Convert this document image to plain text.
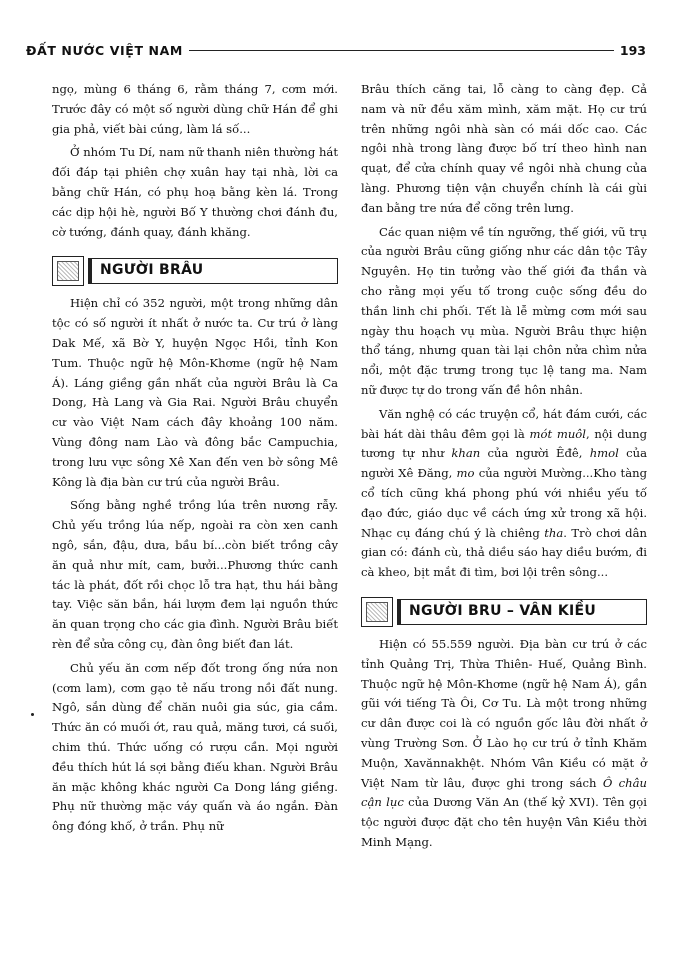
ĐẤT NƯỚC VIỆT NAM	193

ngọ, mùng 6 tháng 6, rằm tháng 7, cơm mới. Trước đây có một số người dùng chữ Hán để ghi gia phả, viết bài cúng, làm lá số...

Ở nhóm Tu Dí, nam nữ thanh niên thường hát đối đáp tại phiên chợ xuân hay tại nhà, lời ca bằng chữ Hán, có phụ hoạ bằng kèn lá. Trong các dịp hội hè, người Bố Y thường chơi đánh đu, cờ tướng, đánh quay, đánh khăng.

NGƯỜI BRÂU

Hiện chỉ có 352 người, một trong những dân tộc có số người ít nhất ở nước ta. Cư trú ở làng Dak Mế, xã Bờ Y, huyện Ngọc Hồi, tỉnh Kon Tum. Thuộc ngữ hệ Môn-Khơme (ngữ hệ Nam Á). Láng giềng gần nhất của người Brâu là Ca Dong, Hà Lang và Gia Rai. Người Brâu chuyển cư vào Việt Nam cách đây khoảng 100 năm. Vùng đông nam Lào và đông bắc Campuchia, trong lưu vực sông Xê Xan đến ven bờ sông Mê Kông là địa bàn cư trú của người Brâu.

Sống bằng nghề trồng lúa trên nương rẫy. Chủ yếu trồng lúa nếp, ngoài ra còn xen canh ngô, sắn, đậu, dưa, bầu bí...còn biết trồng cây ăn quả như mít, cam, bưởi...Phương thức canh tác là phát, đốt rồi chọc lỗ tra hạt, thu hái bằng tay. Việc săn bắn, hái lượm đem lại nguồn thức ăn quan trọng cho các gia đình. Người Brâu biết rèn để sửa công cụ, đàn ông biết đan lát.

Chủ yếu ăn cơm nếp đốt trong ống nứa non (cơm lam), cơm gạo tẻ nấu trong nồi đất nung. Ngô, sắn dùng để chăn nuôi gia súc, gia cầm. Thức ăn có muối ớt, rau quả, măng tươi, cá suối, chim thú. Thức uống có rượu cần. Mọi người đều thích hút lá sợi bằng điếu khan. Người Brâu ăn mặc không khác người Ca Dong láng giềng. Phụ nữ thường mặc váy quấn và áo ngắn. Đàn ông đóng khố, ở trần. Phụ nữ

Brâu thích căng tai, lỗ càng to càng đẹp. Cả nam và nữ đều xăm mình, xăm mặt. Họ cư trú trên những ngôi nhà sàn có mái dốc cao. Các ngôi nhà trong làng được bố trí theo hình nan quạt, để cửa chính quay về ngôi nhà chung của làng. Phương tiện vận chuyển chính là cái gùi đan bằng tre nứa để cõng trên lưng.

Các quan niệm về tín ngưỡng, thế giới, vũ trụ của người Brâu cũng giống như các dân tộc Tây Nguyên. Họ tin tưởng vào thế giới đa thần và cho rằng mọi yếu tố trong cuộc sống đều do thần linh chi phối. Tết là lễ mừng cơm mới sau ngày thu hoạch vụ mùa. Người Brâu thực hiện thổ táng, nhưng quan tài lại chôn nửa chìm nửa nổi, một đặc trưng trong tục lệ tang ma. Nam nữ được tự do trong vấn đề hôn nhân.

Văn nghệ có các truyện cổ, hát đám cưới, các bài hát dài thâu đêm gọi là mót muôl, nội dung tương tự như khan của người Êđê, hmol của người Xê Đăng, mo của người Mường...Kho tàng cổ tích cũng khá phong phú với nhiều yếu tố đạo đức, giáo dục về cách ứng xử trong xã hội. Nhạc cụ đáng chú ý là chiêng tha. Trò chơi dân gian có: đánh cù, thả diều sáo hay diều bướm, đi cà kheo, bịt mắt đi tìm, bơi lội trên sông...

NGƯỜI BRU – VÂN KIỀU

Hiện có 55.559 người. Địa bàn cư trú ở các tỉnh Quảng Trị, Thừa Thiên- Huế, Quảng Bình. Thuộc ngữ hệ Môn-Khơme (ngữ hệ Nam Á), gần gũi với tiếng Tà Ôi, Cơ Tu. Là một trong những cư dân được coi là có nguồn gốc lâu đời nhất ở vùng Trường Sơn. Ở Lào họ cư trú ở tỉnh Khăm Muộn, Xavănnakhệt. Nhóm Vân Kiều có mặt ở Việt Nam từ lâu, được ghi trong sách Ô châu cận lục của Dương Văn An (thế kỷ XVI). Tên gọi tộc người được đặt cho tên huyện Vân Kiều thời Minh Mạng.
